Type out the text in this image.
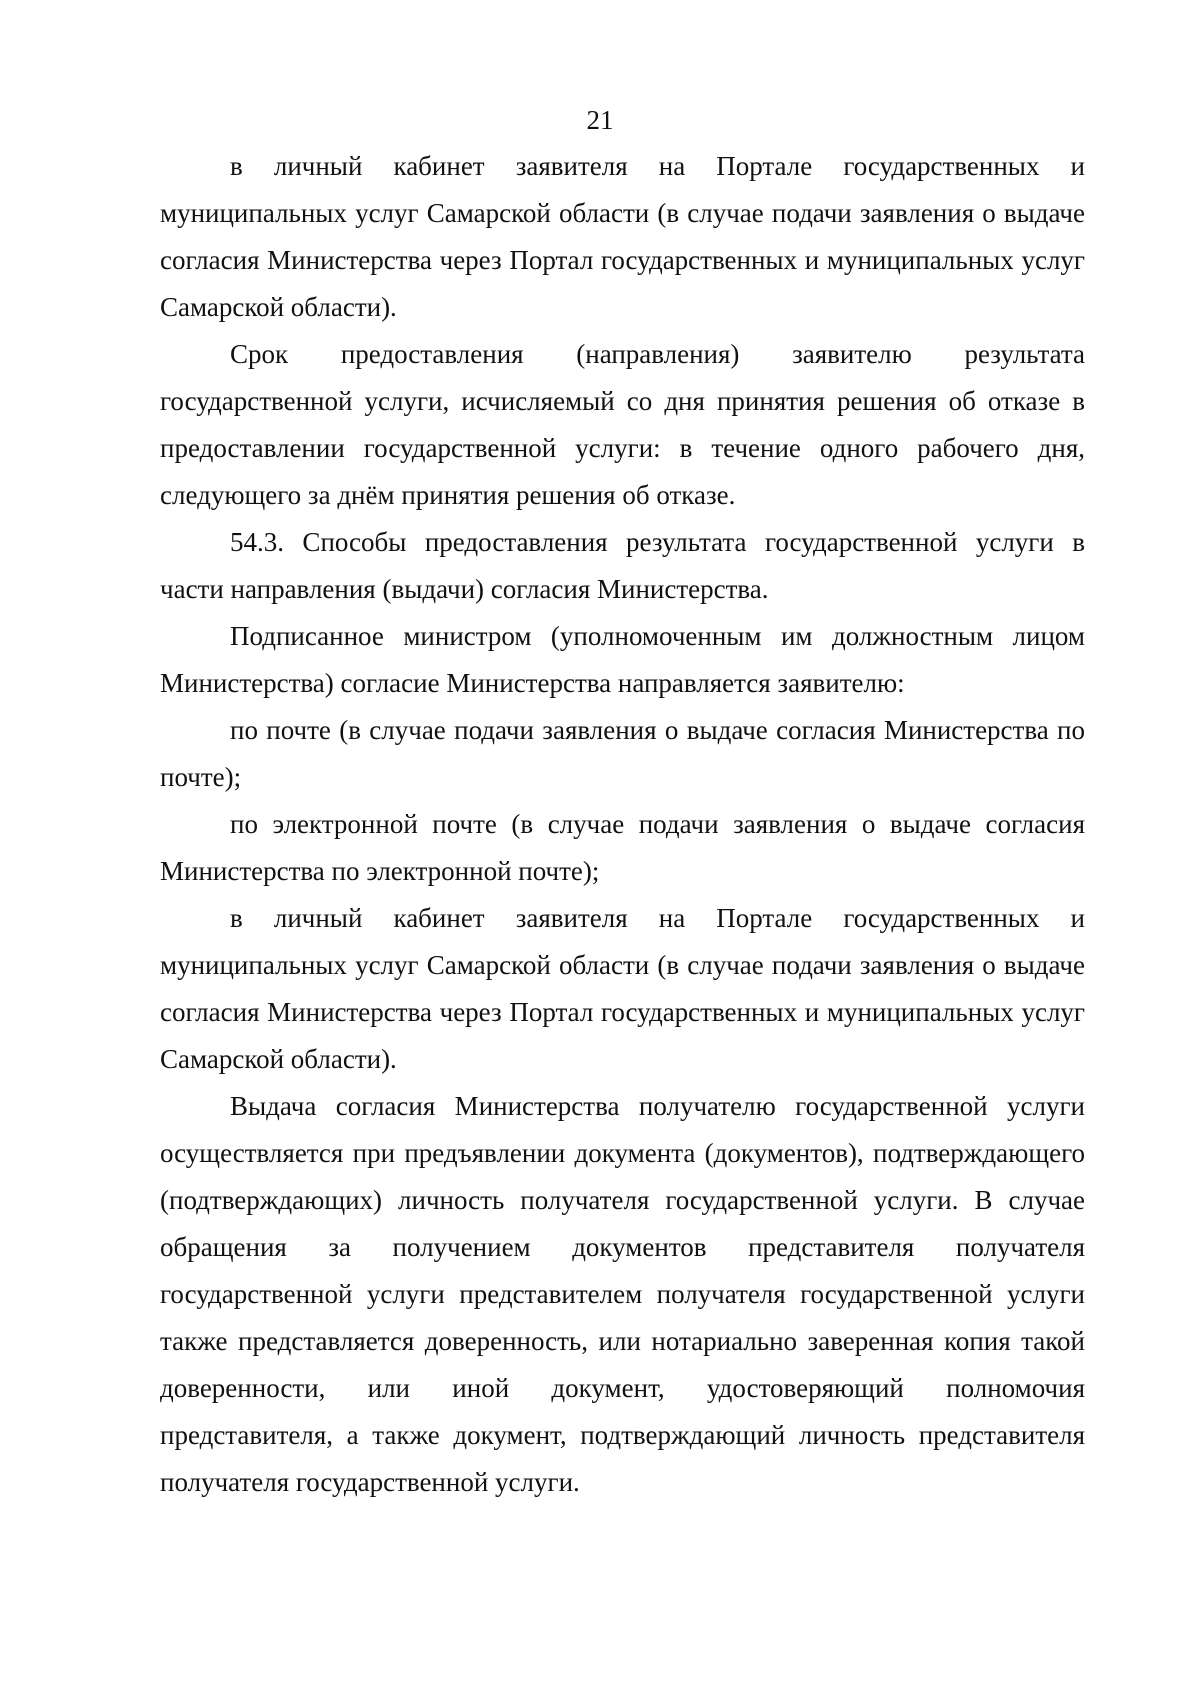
21

в личный кабинет заявителя на Портале государственных и муниципальных услуг Самарской области (в случае подачи заявления о выдаче согласия Министерства через Портал государственных и муниципальных услуг Самарской области).

Срок предоставления (направления) заявителю результата государственной услуги, исчисляемый со дня принятия решения об отказе в предоставлении государственной услуги: в течение одного рабочего дня, следующего за днём принятия решения об отказе.

54.3. Способы предоставления результата государственной услуги в части направления (выдачи) согласия Министерства.

Подписанное министром (уполномоченным им должностным лицом Министерства) согласие Министерства направляется заявителю:

по почте (в случае подачи заявления о выдаче согласия Министерства по почте);

по электронной почте (в случае подачи заявления о выдаче согласия Министерства по электронной почте);

в личный кабинет заявителя на Портале государственных и муниципальных услуг Самарской области (в случае подачи заявления о выдаче согласия Министерства через Портал государственных и муниципальных услуг Самарской области).

Выдача согласия Министерства получателю государственной услуги осуществляется при предъявлении документа (документов), подтверждающего (подтверждающих) личность получателя государственной услуги. В случае обращения за получением документов представителя получателя государственной услуги представителем получателя государственной услуги также представляется доверенность, или нотариально заверенная копия такой доверенности, или иной документ, удостоверяющий полномочия представителя, а также документ, подтверждающий личность представителя получателя государственной услуги.
